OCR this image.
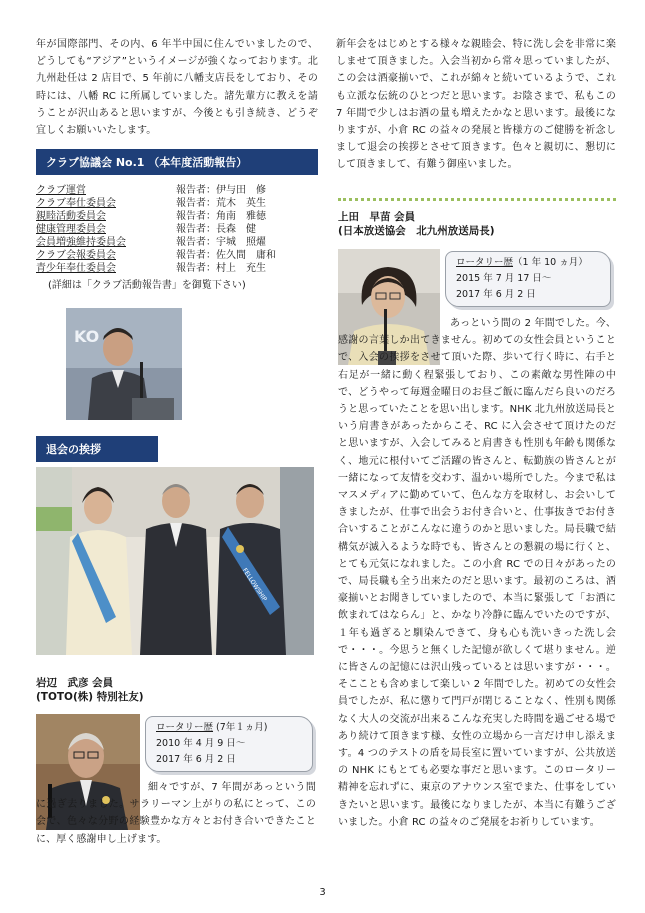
年が国際部門、その内、6 年半中国に住んでいましたので、どうしても“アジア”というイメージが強くなっております。北九州赴任は 2 店目で、5 年前に八幡支店長をしており、その時には、八幡 RC に所属していました。諸先輩方に教えを請うことが沢山あると思いますが、今後とも引き続き、どうぞ宜しくお願いいたします。

クラブ協議会 No.1 （本年度活動報告）
クラブ運営	報告者：伊与田　修
クラブ奉仕委員会	報告者：荒木　英生
親睦活動委員会	報告者：角南　雅徳
健康管理委員会	報告者：長森　健
会員増強維持委員会	報告者：宇城　照燿
クラブ会報委員会	報告者：佐久間　庸和
青少年奉仕委員会	報告者：村上　充生
(詳細は「クラブ活動報告書」を御覧下さい)
KO
退会の挨拶
FELLOWSHIP
岩辺　武彦 会員
(TOTO(株) 特別社友)
ロータリー歴 (7年１ヵ月)
2010 年 4 月 9 日～
2017 年 6 月 2 日

細々ですが、7 年間があっという間に過ぎ去りました。サラリーマン上がりの私にとって、この会で、色々な分野の経験豊かな方々とお付き合いできたことに、厚く感謝申し上げます。

新年会をはじめとする様々な親睦会、特に洗し会を非常に楽しませて頂きました。入会当初から常々思っていましたが、この会は酒豪揃いで、これが綿々と続いているようで、これも立派な伝統のひとつだと思います。お陰さまで、私もこの 7 年間で少しはお酒の量も増えたかなと思います。最後になりますが、小倉 RC の益々の発展と皆様方のご健勝を祈念しまして退会の挨拶とさせて頂きます。色々と親切に、懇切にして頂きまして、有難う御座いました。

上田　早苗 会員
(日本放送協会　北九州放送局長)
ロータリー歴（1 年 10 ヵ月）
2015 年 7 月 17 日～
2017 年 6 月 2 日

あっという間の 2 年間でした。今、感謝の言葉しか出てきません。初めての女性会員ということで、入会の挨拶をさせて頂いた際、歩いて行く時に、右手と右足が一緒に動く程緊張しており、この素敵な男性陣の中で、どうやって毎週金曜日のお昼ご飯に臨んだら良いのだろうと思っていたことを思い出します。NHK 北九州放送局長という肩書きがあったからこそ、RC に入会させて頂けたのだと思いますが、入会してみると肩書きも性別も年齢も関係なく、地元に根付いてご活躍の皆さんと、転勤族の皆さんとが一緒になって友情を交わす、温かい場所でした。今まで私はマスメディアに勤めていて、色んな方を取材し、お会いしてきましたが、仕事で出会うお付き合いと、仕事抜きでお付き合いすることがこんなに違うのかと思いました。局長職で結構気が滅入るような時でも、皆さんとの懇親の場に行くと、とても元気になれました。この小倉 RC での日々があったので、局長職も全う出来たのだと思います。最初のころは、酒豪揃いとお聞きしていましたので、本当に緊張して「お酒に飲まれてはならん」と、かなり冷静に臨んでいたのですが、１年も過ぎると馴染んできて、身も心も洗いきった洗し会で・・・。今思うと無くした記憶が欲しくて堪りません。逆に皆さんの記憶には沢山残っているとは思いますが・・・。そこことも含めまして楽しい 2 年間でした。初めての女性会員でしたが、私に懲りて門戸が閉じることなく、性別も関係なく大人の交流が出来るこんな充実した時間を過ごせる場であり続けて頂きます様、女性の立場から一言だけ申し添えます。4 つのテストの盾を局長室に置いていますが、公共放送の NHK にもとても必要な事だと思います。このロータリー精神を忘れずに、東京のアナウンス室でまた、仕事をしていきたいと思います。最後になりましたが、本当に有難うございました。小倉 RC の益々のご発展をお祈りしています。

3
